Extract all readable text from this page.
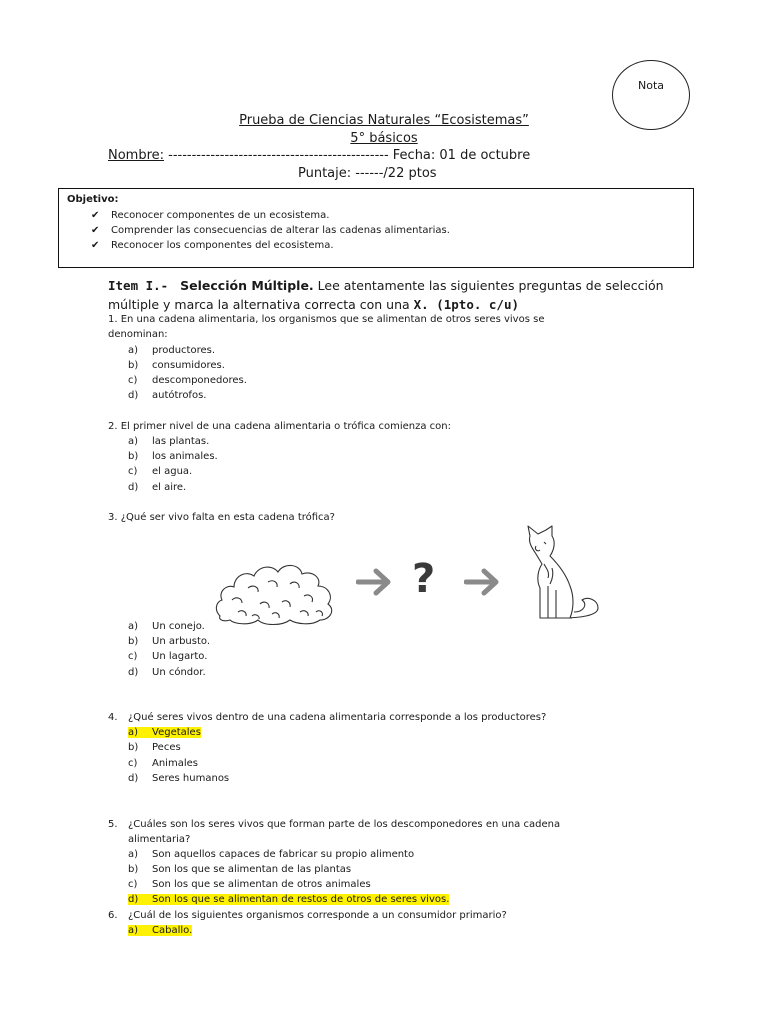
Nota
Prueba de Ciencias Naturales “Ecosistemas”
5° básicos
Nombre: ----------------------------------------------- Fecha: 01 de octubre
Puntaje: ------/22 ptos
Objetivo:
✔ Reconocer componentes de un ecosistema.
✔ Comprender las consecuencias de alterar las cadenas alimentarias.
✔ Reconocer los componentes del ecosistema.
Item I.- Selección Múltiple. Lee atentamente las siguientes preguntas de selección múltiple y marca la alternativa correcta con una X. (1pto. c/u)
1. En una cadena alimentaria, los organismos que se alimentan de otros seres vivos se
denominan:
a) productores.
b) consumidores.
c) descomponedores.
d) autótrofos.
2. El primer nivel de una cadena alimentaria o trófica comienza con:
a) las plantas.
b) los animales.
c) el agua.
d) el aire.
3. ¿Qué ser vivo falta en esta cadena trófica?
?
a) Un conejo.
b) Un arbusto.
c) Un lagarto.
d) Un cóndor.
4. ¿Qué seres vivos dentro de una cadena alimentaria corresponde a los productores?
a) Vegetales
b) Peces
c) Animales
d) Seres humanos
5. ¿Cuáles son los seres vivos que forman parte de los descomponedores en una cadena
alimentaria?
a) Son aquellos capaces de fabricar su propio alimento
b) Son los que se alimentan de las plantas
c) Son los que se alimentan de otros animales
d) Son los que se alimentan de restos de otros de seres vivos.
6. ¿Cuál de los siguientes organismos corresponde a un consumidor primario?
a) Caballo.
